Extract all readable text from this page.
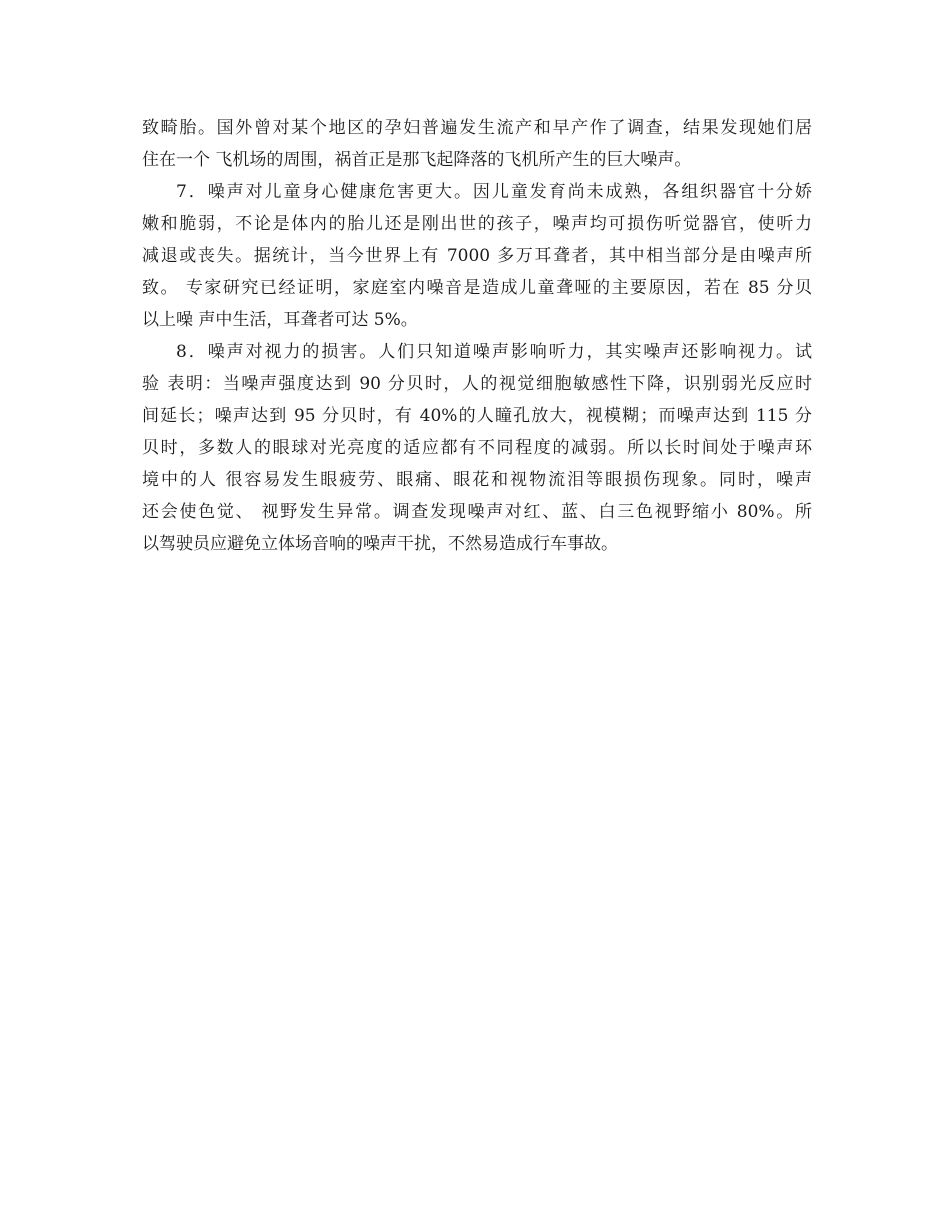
致畸胎。国外曾对某个地区的孕妇普遍发生流产和早产作了调查，结果发现她们居
住在一个 飞机场的周围，祸首正是那飞起降落的飞机所产生的巨大噪声。
7．噪声对儿童身心健康危害更大。因儿童发育尚未成熟，各组织器官十分娇
嫩和脆弱，不论是体内的胎儿还是刚出世的孩子，噪声均可损伤听觉器官，使听力
减退或丧失。据统计，当今世界上有 7000 多万耳聋者，其中相当部分是由噪声所
致。 专家研究已经证明，家庭室内噪音是造成儿童聋哑的主要原因，若在 85 分贝
以上噪 声中生活，耳聋者可达 5%。
8．噪声对视力的损害。人们只知道噪声影响听力，其实噪声还影响视力。试
验 表明：当噪声强度达到 90 分贝时，人的视觉细胞敏感性下降，识别弱光反应时
间延长；噪声达到 95 分贝时，有 40%的人瞳孔放大，视模糊；而噪声达到 115 分
贝时，多数人的眼球对光亮度的适应都有不同程度的减弱。所以长时间处于噪声环
境中的人 很容易发生眼疲劳、眼痛、眼花和视物流泪等眼损伤现象。同时，噪声
还会使色觉、 视野发生异常。调查发现噪声对红、蓝、白三色视野缩小 80%。所
以驾驶员应避免立体场音响的噪声干扰，不然易造成行车事故。
